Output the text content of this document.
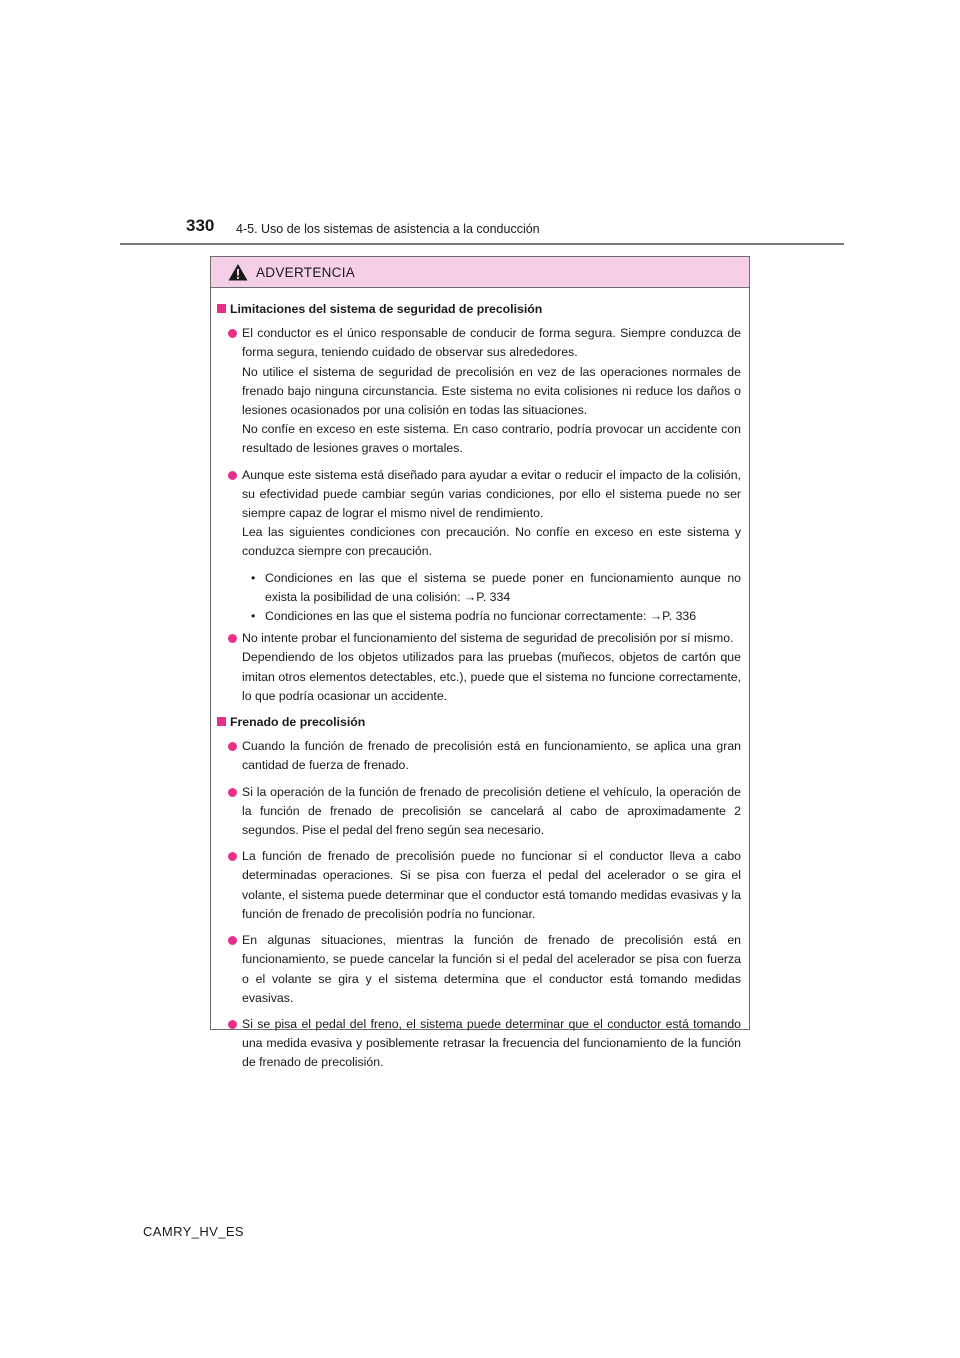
330 4-5. Uso de los sistemas de asistencia a la conducción
ADVERTENCIA
Limitaciones del sistema de seguridad de precolisión

El conductor es el único responsable de conducir de forma segura. Siempre conduzca de forma segura, teniendo cuidado de observar sus alrededores.

No utilice el sistema de seguridad de precolisión en vez de las operaciones normales de frenado bajo ninguna circunstancia. Este sistema no evita colisiones ni reduce los daños o lesiones ocasionados por una colisión en todas las situaciones.

No confíe en exceso en este sistema. En caso contrario, podría provocar un accidente con resultado de lesiones graves o mortales.

Aunque este sistema está diseñado para ayudar a evitar o reducir el impacto de la colisión, su efectividad puede cambiar según varias condiciones, por ello el sistema puede no ser siempre capaz de lograr el mismo nivel de rendimiento.

Lea las siguientes condiciones con precaución. No confíe en exceso en este sistema y conduzca siempre con precaución.

• Condiciones en las que el sistema se puede poner en funcionamiento aunque no exista la posibilidad de una colisión: →P. 334
• Condiciones en las que el sistema podría no funcionar correctamente: →P. 336

No intente probar el funcionamiento del sistema de seguridad de precolisión por sí mismo.

Dependiendo de los objetos utilizados para las pruebas (muñecos, objetos de cartón que imitan otros elementos detectables, etc.), puede que el sistema no funcione correctamente, lo que podría ocasionar un accidente.

Frenado de precolisión

Cuando la función de frenado de precolisión está en funcionamiento, se aplica una gran cantidad de fuerza de frenado.

Si la operación de la función de frenado de precolisión detiene el vehículo, la operación de la función de frenado de precolisión se cancelará al cabo de aproximadamente 2 segundos. Pise el pedal del freno según sea necesario.

La función de frenado de precolisión puede no funcionar si el conductor lleva a cabo determinadas operaciones. Si se pisa con fuerza el pedal del acelerador o se gira el volante, el sistema puede determinar que el conductor está tomando medidas evasivas y la función de frenado de precolisión podría no funcionar.

En algunas situaciones, mientras la función de frenado de precolisión está en funcionamiento, se puede cancelar la función si el pedal del acelerador se pisa con fuerza o el volante se gira y el sistema determina que el conductor está tomando medidas evasivas.

Si se pisa el pedal del freno, el sistema puede determinar que el conductor está tomando una medida evasiva y posiblemente retrasar la frecuencia del funcionamiento de la función de frenado de precolisión.

CAMRY_HV_ES
